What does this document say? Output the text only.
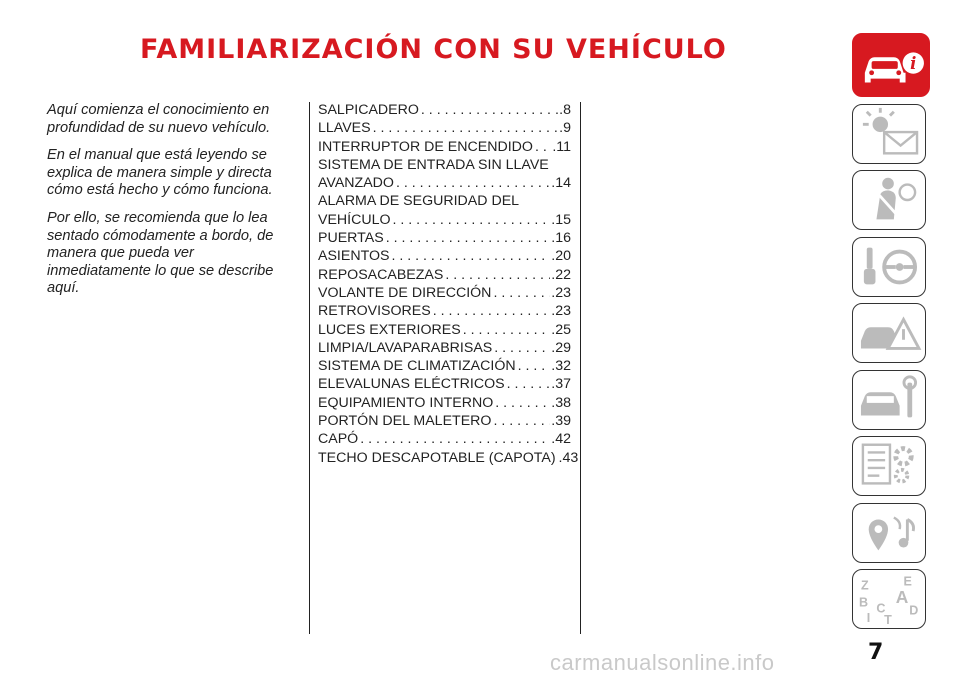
FAMILIARIZACIÓN CON SU VEHÍCULO

Aquí comienza el conocimiento en profundidad de su nuevo vehículo.

En el manual que está leyendo se explica de manera simple y directa cómo está hecho y cómo funciona.

Por ello, se recomienda que lo lea sentado cómodamente a bordo, de manera que pueda ver inmediatamente lo que se describe aquí.

SALPICADERO . . .	.8
LLAVES . . .	.9
INTERRUPTOR DE ENCENDIDO . . . .11
SISTEMA DE ENTRADA SIN LLAVE
AVANZADO . . .	.14
ALARMA DE SEGURIDAD DEL
VEHÍCULO . . .	.15
PUERTAS . . .	.16
ASIENTOS . . .	.20
REPOSACABEZAS . . .	.22
VOLANTE DE DIRECCIÓN . . .	.23
RETROVISORES . . .	.23
LUCES EXTERIORES . . .	.25
LIMPIA/LAVAPARABRISAS . . .	.29
SISTEMA DE CLIMATIZACIÓN . . .	.32
ELEVALUNAS ELÉCTRICOS . . .	.37
EQUIPAMIENTO INTERNO . . .	.38
PORTÓN DEL MALETERO . . .	.39
CAPÓ . . .	.42
TECHO DESCAPOTABLE (CAPOTA) . . . .43
i
Z	E
A
B C D
T
I
7
carmanualsonline.info
